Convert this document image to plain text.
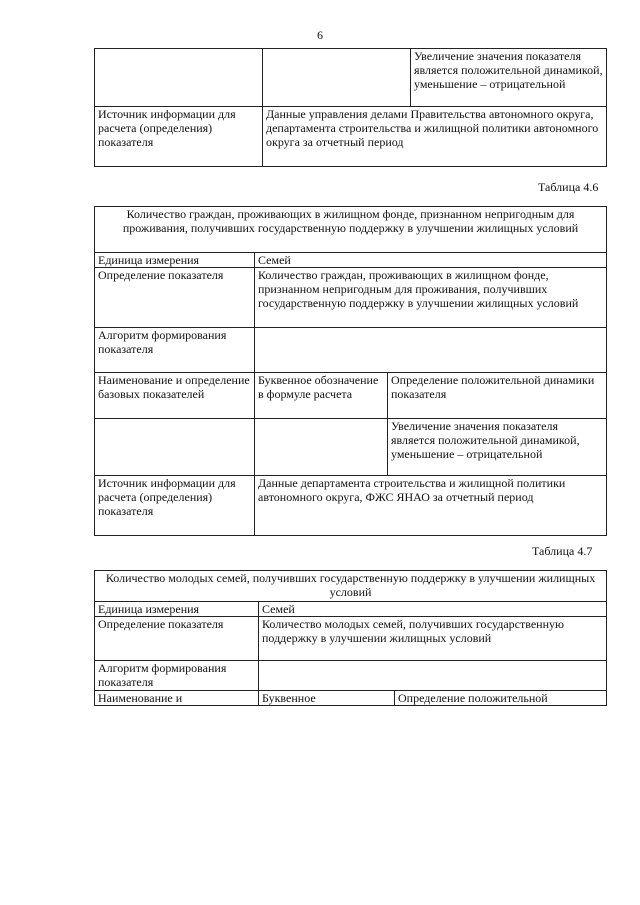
6
		Увеличение значения показателя является положительной динамикой, уменьшение – отрицательной
Источник информации для расчета (определения) показателя	Данные управления делами Правительства автономного округа, департамента строительства и жилищной политики автономного округа за отчетный период	
Таблица 4.6
Количество граждан, проживающих в жилищном фонде, признанном непригодным для проживания, получивших государственную поддержку в улучшении жилищных условий		
Единица измерения	Семей	
Определение показателя	Количество граждан, проживающих в жилищном фонде, признанном непригодным для проживания, получивших государственную поддержку в улучшении жилищных условий	
Алгоритм формирования показателя		
Наименование и определение базовых показателей	Буквенное обозначение в формуле расчета	Определение положительной динамики показателя
		Увеличение значения показателя является положительной динамикой, уменьшение – отрицательной
Источник информации для расчета (определения) показателя	Данные департамента строительства и жилищной политики автономного округа, ФЖС ЯНАО за отчетный период	
Таблица 4.7
Количество молодых семей, получивших государственную поддержку в улучшении жилищных условий		
Единица измерения	Семей	
Определение показателя	Количество молодых семей, получивших государственную поддержку в улучшении жилищных условий	
Алгоритм формирования показателя		
Наименование и	Буквенное	Определение положительной
